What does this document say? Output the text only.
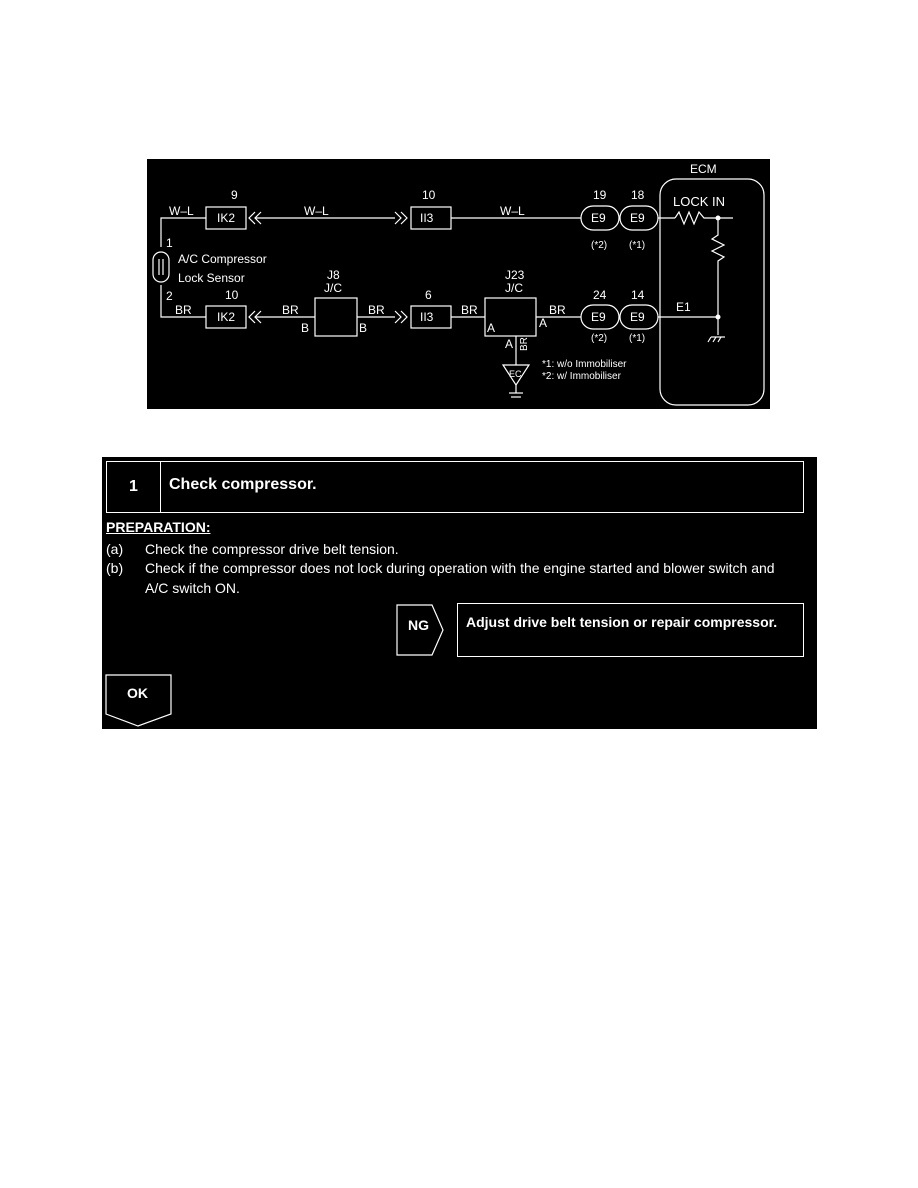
ECM
LOCK IN
E1
W–L	W–L	W–L
9
10
IK2
IK2
10
6
II3
II3
1
2
A/C Compressor
Lock Sensor
BR	BR	BR	BR	BR
J8
J/C
J23
J/C
B	B	A	A
A BR
19 18
24 14
E9 E9
E9 E9
(*2) (*1)
(*2) (*1)
EC
*1: w/o Immobiliser
*2: w/ Immobiliser
1	Check compressor.
PREPARATION:
(a) Check the compressor drive belt tension.
(b) Check if the compressor does not lock during operation with the engine started and blower switch and
A/C switch ON.
NG	Adjust drive belt tension or repair compressor.
OK
